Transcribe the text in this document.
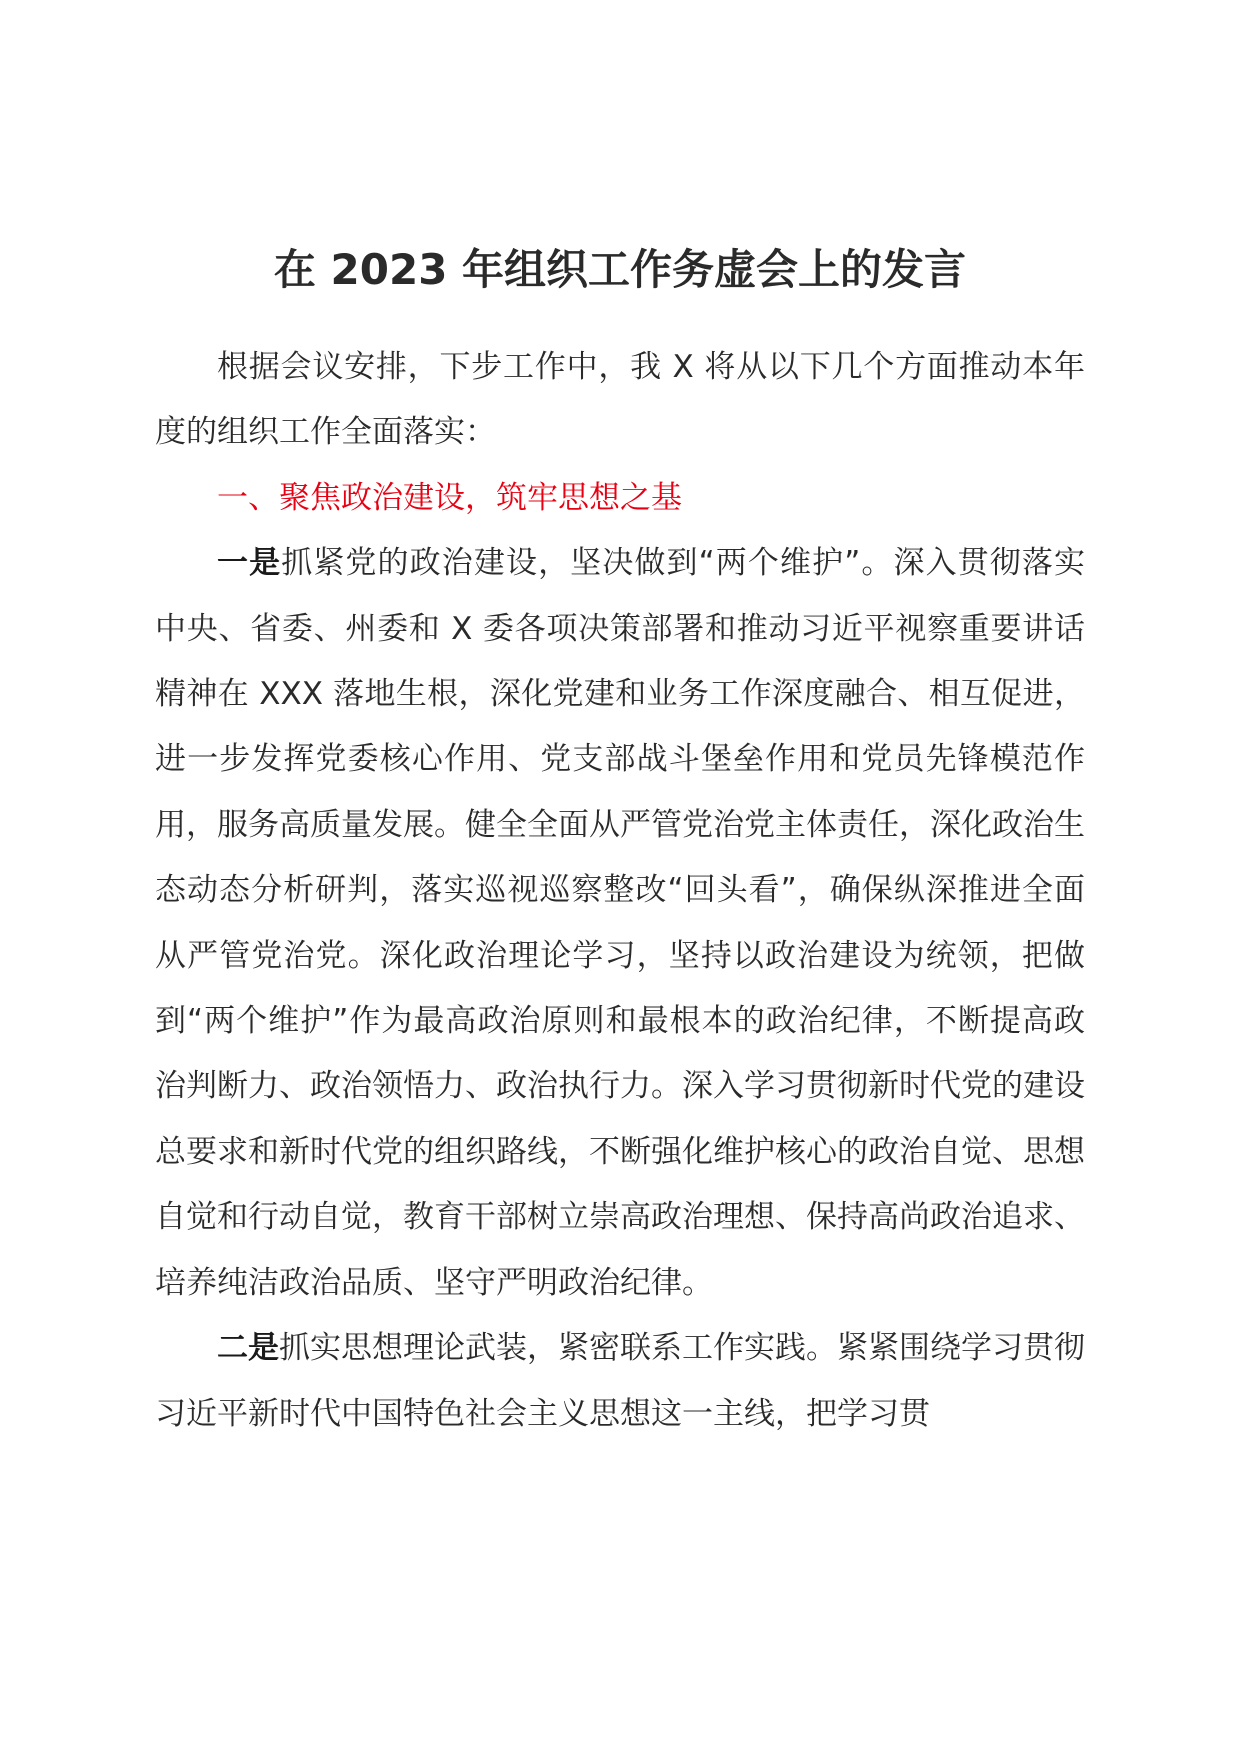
在 2023 年组织工作务虚会上的发言

根据会议安排，下步工作中，我 X 将从以下几个方面推动本年度的组织工作全面落实：

一、聚焦政治建设，筑牢思想之基

一是抓紧党的政治建设，坚决做到“两个维护”。深入贯彻落实中央、省委、州委和 X 委各项决策部署和推动习近平视察重要讲话精神在 XXX 落地生根，深化党建和业务工作深度融合、相互促进，进一步发挥党委核心作用、党支部战斗堡垒作用和党员先锋模范作用，服务高质量发展。健全全面从严管党治党主体责任，深化政治生态动态分析研判，落实巡视巡察整改“回头看”，确保纵深推进全面从严管党治党。深化政治理论学习，坚持以政治建设为统领，把做到“两个维护”作为最高政治原则和最根本的政治纪律，不断提高政治判断力、政治领悟力、政治执行力。深入学习贯彻新时代党的建设总要求和新时代党的组织路线，不断强化维护核心的政治自觉、思想自觉和行动自觉，教育干部树立崇高政治理想、保持高尚政治追求、培养纯洁政治品质、坚守严明政治纪律。

二是抓实思想理论武装，紧密联系工作实践。紧紧围绕学习贯彻习近平新时代中国特色社会主义思想这一主线，把学习贯
